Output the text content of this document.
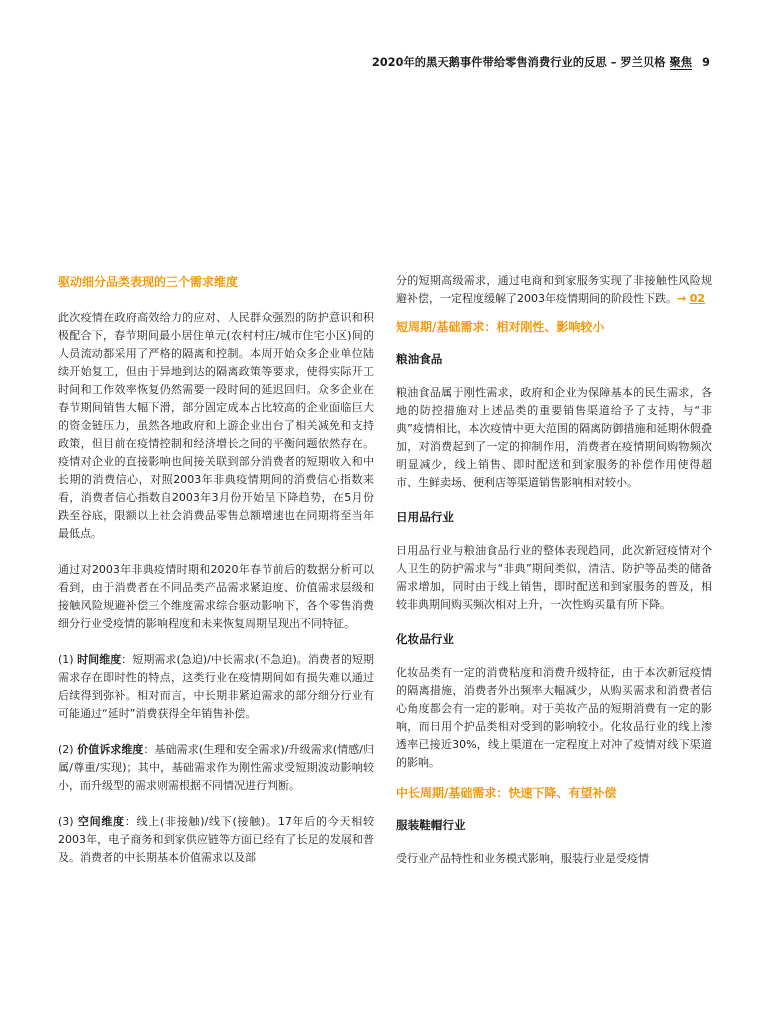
2020年的黑天鹅事件带给零售消费行业的反思 – 罗兰贝格 聚焦 9

驱动细分品类表现的三个需求维度

此次疫情在政府高效给力的应对、人民群众强烈的防护意识和积极配合下，春节期间最小居住单元(农村村庄/城市住宅小区)间的人员流动都采用了严格的隔离和控制。本周开始众多企业单位陆续开始复工，但由于异地到达的隔离政策等要求，使得实际开工时间和工作效率恢复仍然需要一段时间的延迟回归。众多企业在春节期间销售大幅下滑，部分固定成本占比较高的企业面临巨大的资金链压力，虽然各地政府和上游企业出台了相关减免和支持政策，但目前在疫情控制和经济增长之间的平衡问题依然存在。疫情对企业的直接影响也间接关联到部分消费者的短期收入和中长期的消费信心，对照2003年非典疫情期间的消费信心指数来看，消费者信心指数自2003年3月份开始呈下降趋势，在5月份跌至谷底，限额以上社会消费品零售总额增速也在同期将至当年最低点。

通过对2003年非典疫情时期和2020年春节前后的数据分析可以看到，由于消费者在不同品类产品需求紧迫度、价值需求层级和接触风险规避补偿三个维度需求综合驱动影响下，各个零售消费细分行业受疫情的影响程度和未来恢复周期呈现出不同特征。

(1) 时间维度：短期需求(急迫)/中长需求(不急迫)。消费者的短期需求存在即时性的特点，这类行业在疫情期间如有损失难以通过后续得到弥补。相对而言，中长期非紧迫需求的部分细分行业有可能通过“延时”消费获得全年销售补偿。

(2) 价值诉求维度：基础需求(生理和安全需求)/升级需求(情感/归属/尊重/实现)；其中，基础需求作为刚性需求受短期波动影响较小，而升级型的需求则需根据不同情况进行判断。

(3) 空间维度：线上(非接触)/线下(接触)。17年后的今天相较2003年，电子商务和到家供应链等方面已经有了长足的发展和普及。消费者的中长期基本价值需求以及部

分的短期高级需求，通过电商和到家服务实现了非接触性风险规避补偿，一定程度缓解了2003年疫情期间的阶段性下跌。→ 02

短周期/基础需求：相对刚性、影响较小

粮油食品

粮油食品属于刚性需求，政府和企业为保障基本的民生需求，各地的防控措施对上述品类的重要销售渠道给予了支持，与“非典”疫情相比，本次疫情中更大范围的隔离防御措施和延期休假叠加，对消费起到了一定的抑制作用，消费者在疫情期间购物频次明显减少，线上销售、即时配送和到家服务的补偿作用使得超市、生鲜卖场、便利店等渠道销售影响相对较小。

日用品行业

日用品行业与粮油食品行业的整体表现趋同，此次新冠疫情对个人卫生的防护需求与“非典”期间类似，清洁、防护等品类的储备需求增加，同时由于线上销售，即时配送和到家服务的普及，相较非典期间购买频次相对上升，一次性购买量有所下降。

化妆品行业

化妆品类有一定的消费粘度和消费升级特征，由于本次新冠疫情的隔离措施，消费者外出频率大幅减少，从购买需求和消费者信心角度都会有一定的影响。对于美妆产品的短期消费有一定的影响，而日用个护品类相对受到的影响较小。化妆品行业的线上渗透率已接近30%，线上渠道在一定程度上对冲了疫情对线下渠道的影响。

中长周期/基础需求：快速下降、有望补偿

服装鞋帽行业

受行业产品特性和业务模式影响，服装行业是受疫情
